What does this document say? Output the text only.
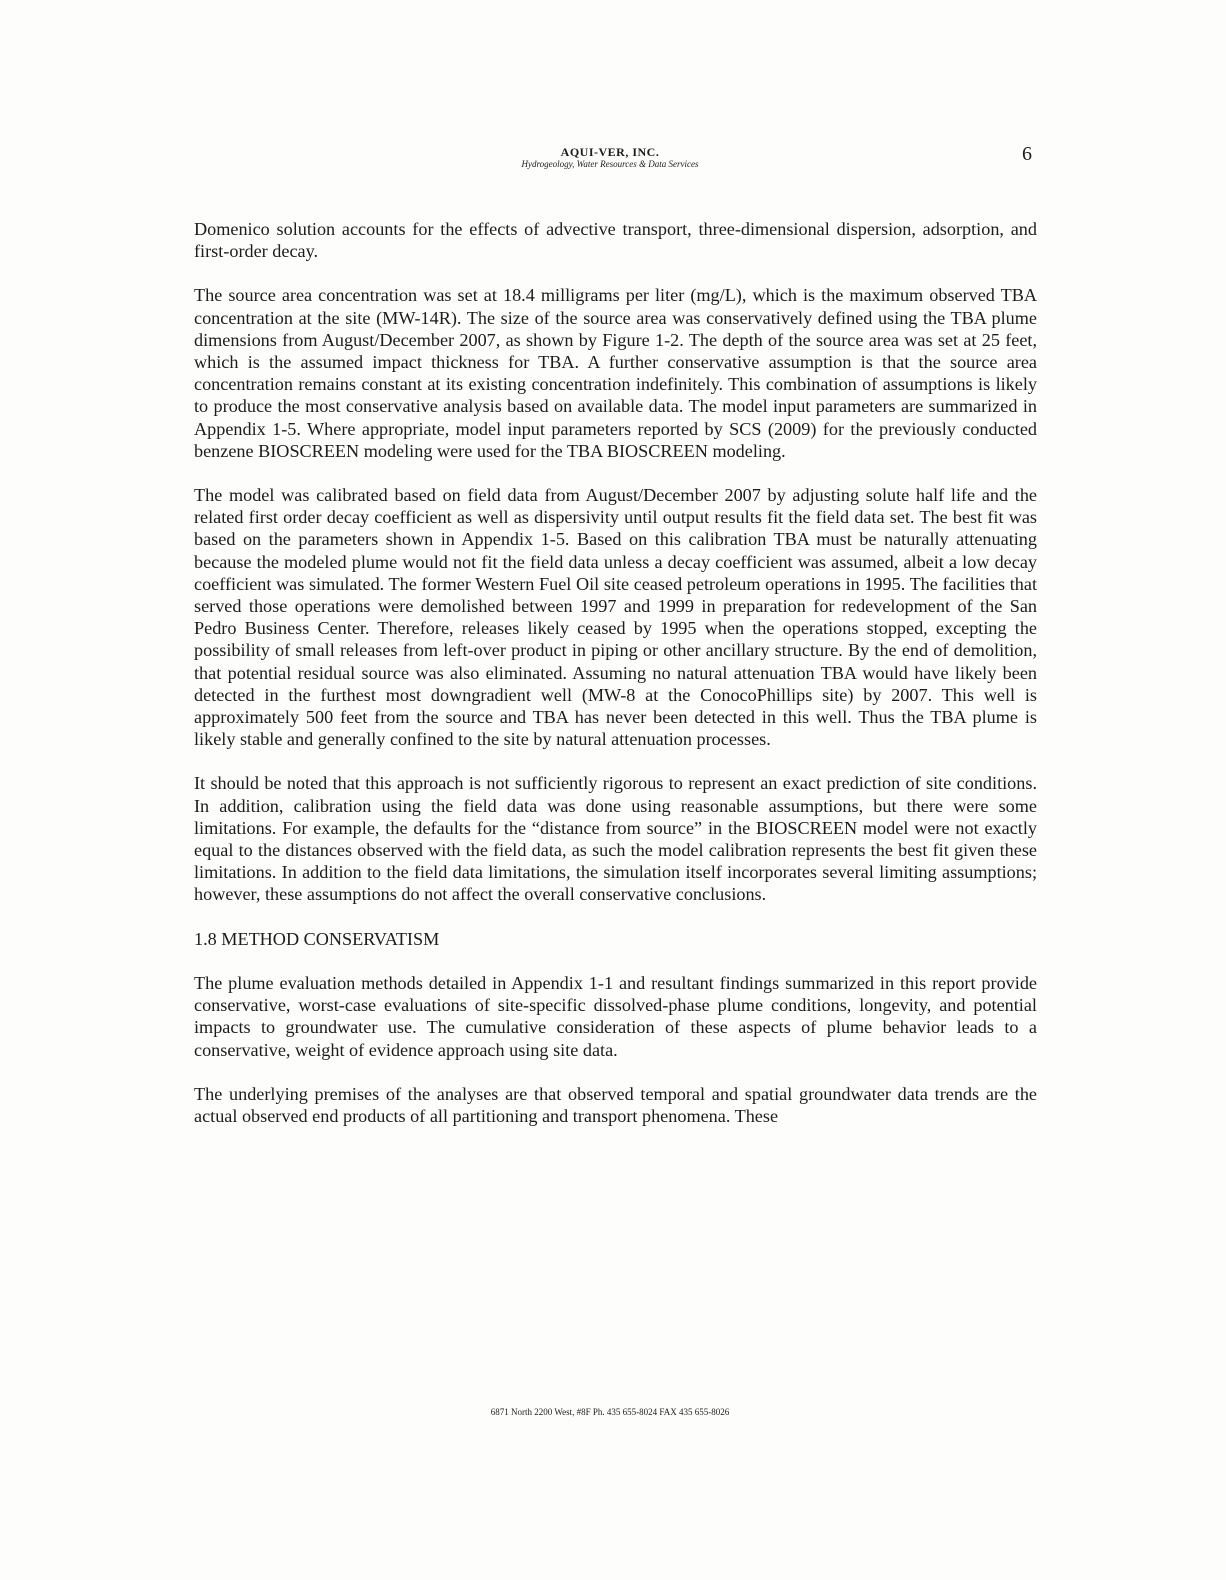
AQUI-VER, INC.
Hydrogeology, Water Resources & Data Services	6

Domenico solution accounts for the effects of advective transport, three-dimensional dispersion, adsorption, and first-order decay.

The source area concentration was set at 18.4 milligrams per liter (mg/L), which is the maximum observed TBA concentration at the site (MW-14R). The size of the source area was conservatively defined using the TBA plume dimensions from August/December 2007, as shown by Figure 1-2. The depth of the source area was set at 25 feet, which is the assumed impact thickness for TBA. A further conservative assumption is that the source area concentration remains constant at its existing concentration indefinitely. This combination of assumptions is likely to produce the most conservative analysis based on available data. The model input parameters are summarized in Appendix 1-5. Where appropriate, model input parameters reported by SCS (2009) for the previously conducted benzene BIOSCREEN modeling were used for the TBA BIOSCREEN modeling.

The model was calibrated based on field data from August/December 2007 by adjusting solute half life and the related first order decay coefficient as well as dispersivity until output results fit the field data set. The best fit was based on the parameters shown in Appendix 1-5. Based on this calibration TBA must be naturally attenuating because the modeled plume would not fit the field data unless a decay coefficient was assumed, albeit a low decay coefficient was simulated. The former Western Fuel Oil site ceased petroleum operations in 1995. The facilities that served those operations were demolished between 1997 and 1999 in preparation for redevelopment of the San Pedro Business Center. Therefore, releases likely ceased by 1995 when the operations stopped, excepting the possibility of small releases from left-over product in piping or other ancillary structure. By the end of demolition, that potential residual source was also eliminated. Assuming no natural attenuation TBA would have likely been detected in the furthest most downgradient well (MW-8 at the ConocoPhillips site) by 2007. This well is approximately 500 feet from the source and TBA has never been detected in this well. Thus the TBA plume is likely stable and generally confined to the site by natural attenuation processes.

It should be noted that this approach is not sufficiently rigorous to represent an exact prediction of site conditions. In addition, calibration using the field data was done using reasonable assumptions, but there were some limitations. For example, the defaults for the “distance from source” in the BIOSCREEN model were not exactly equal to the distances observed with the field data, as such the model calibration represents the best fit given these limitations. In addition to the field data limitations, the simulation itself incorporates several limiting assumptions; however, these assumptions do not affect the overall conservative conclusions.

1.8 METHOD CONSERVATISM

The plume evaluation methods detailed in Appendix 1-1 and resultant findings summarized in this report provide conservative, worst-case evaluations of site-specific dissolved-phase plume conditions, longevity, and potential impacts to groundwater use. The cumulative consideration of these aspects of plume behavior leads to a conservative, weight of evidence approach using site data.

The underlying premises of the analyses are that observed temporal and spatial groundwater data trends are the actual observed end products of all partitioning and transport phenomena. These

6871 North 2200 West, #8F Ph. 435 655-8024 FAX 435 655-8026
